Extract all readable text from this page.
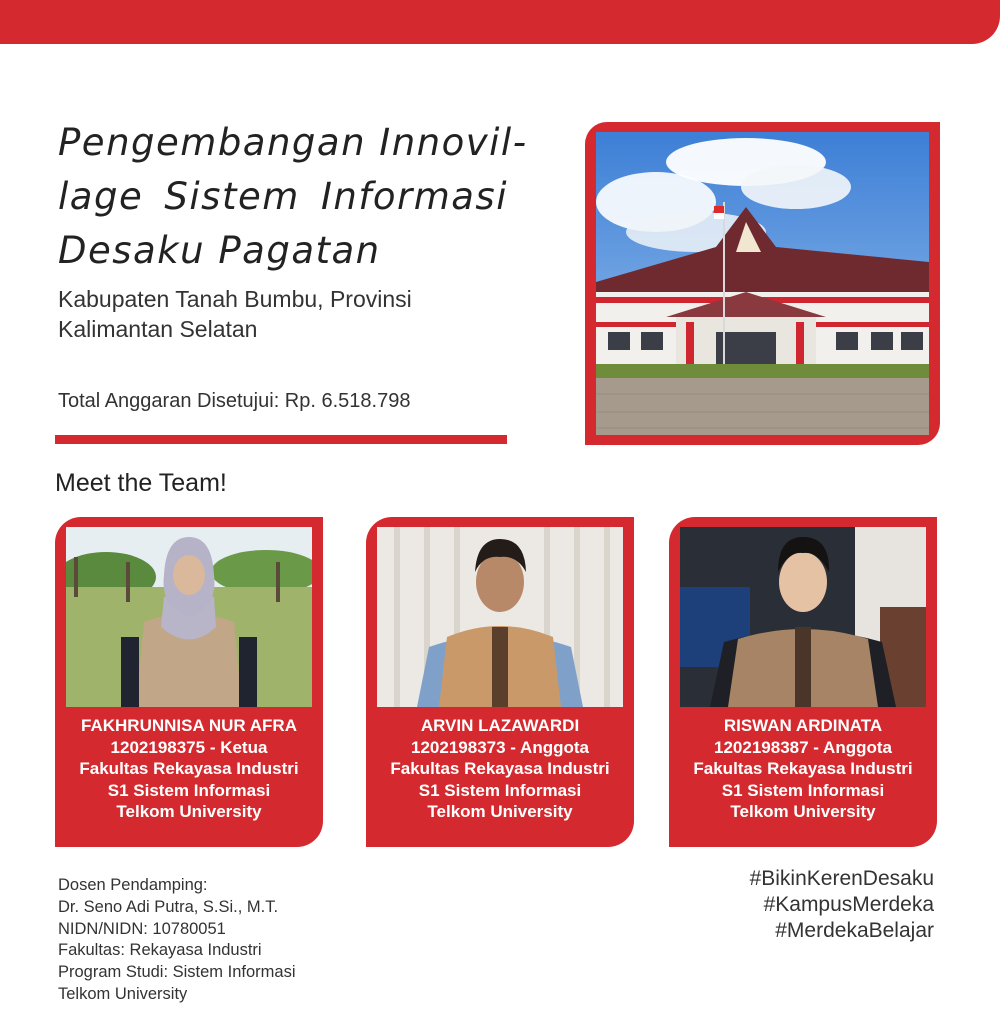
Pengembangan Innovil-
lage Sistem Informasi
Desaku Pagatan
Kabupaten Tanah Bumbu, Provinsi
Kalimantan Selatan
Total Anggaran Disetujui: Rp. 6.518.798
Meet the Team!
FAKHRUNNISA NUR AFRA
1202198375 - Ketua
Fakultas Rekayasa Industri
S1 Sistem Informasi
Telkom University
ARVIN LAZAWARDI
1202198373 - Anggota
Fakultas Rekayasa Industri
S1 Sistem Informasi
Telkom University
RISWAN ARDINATA
1202198387 - Anggota
Fakultas Rekayasa Industri
S1 Sistem Informasi
Telkom University
Dosen Pendamping:
Dr. Seno Adi Putra, S.Si., M.T.
NIDN/NIDN: 10780051
Fakultas: Rekayasa Industri
Program Studi: Sistem Informasi
Telkom University
#BikinKerenDesaku
#KampusMerdeka
#MerdekaBelajar
